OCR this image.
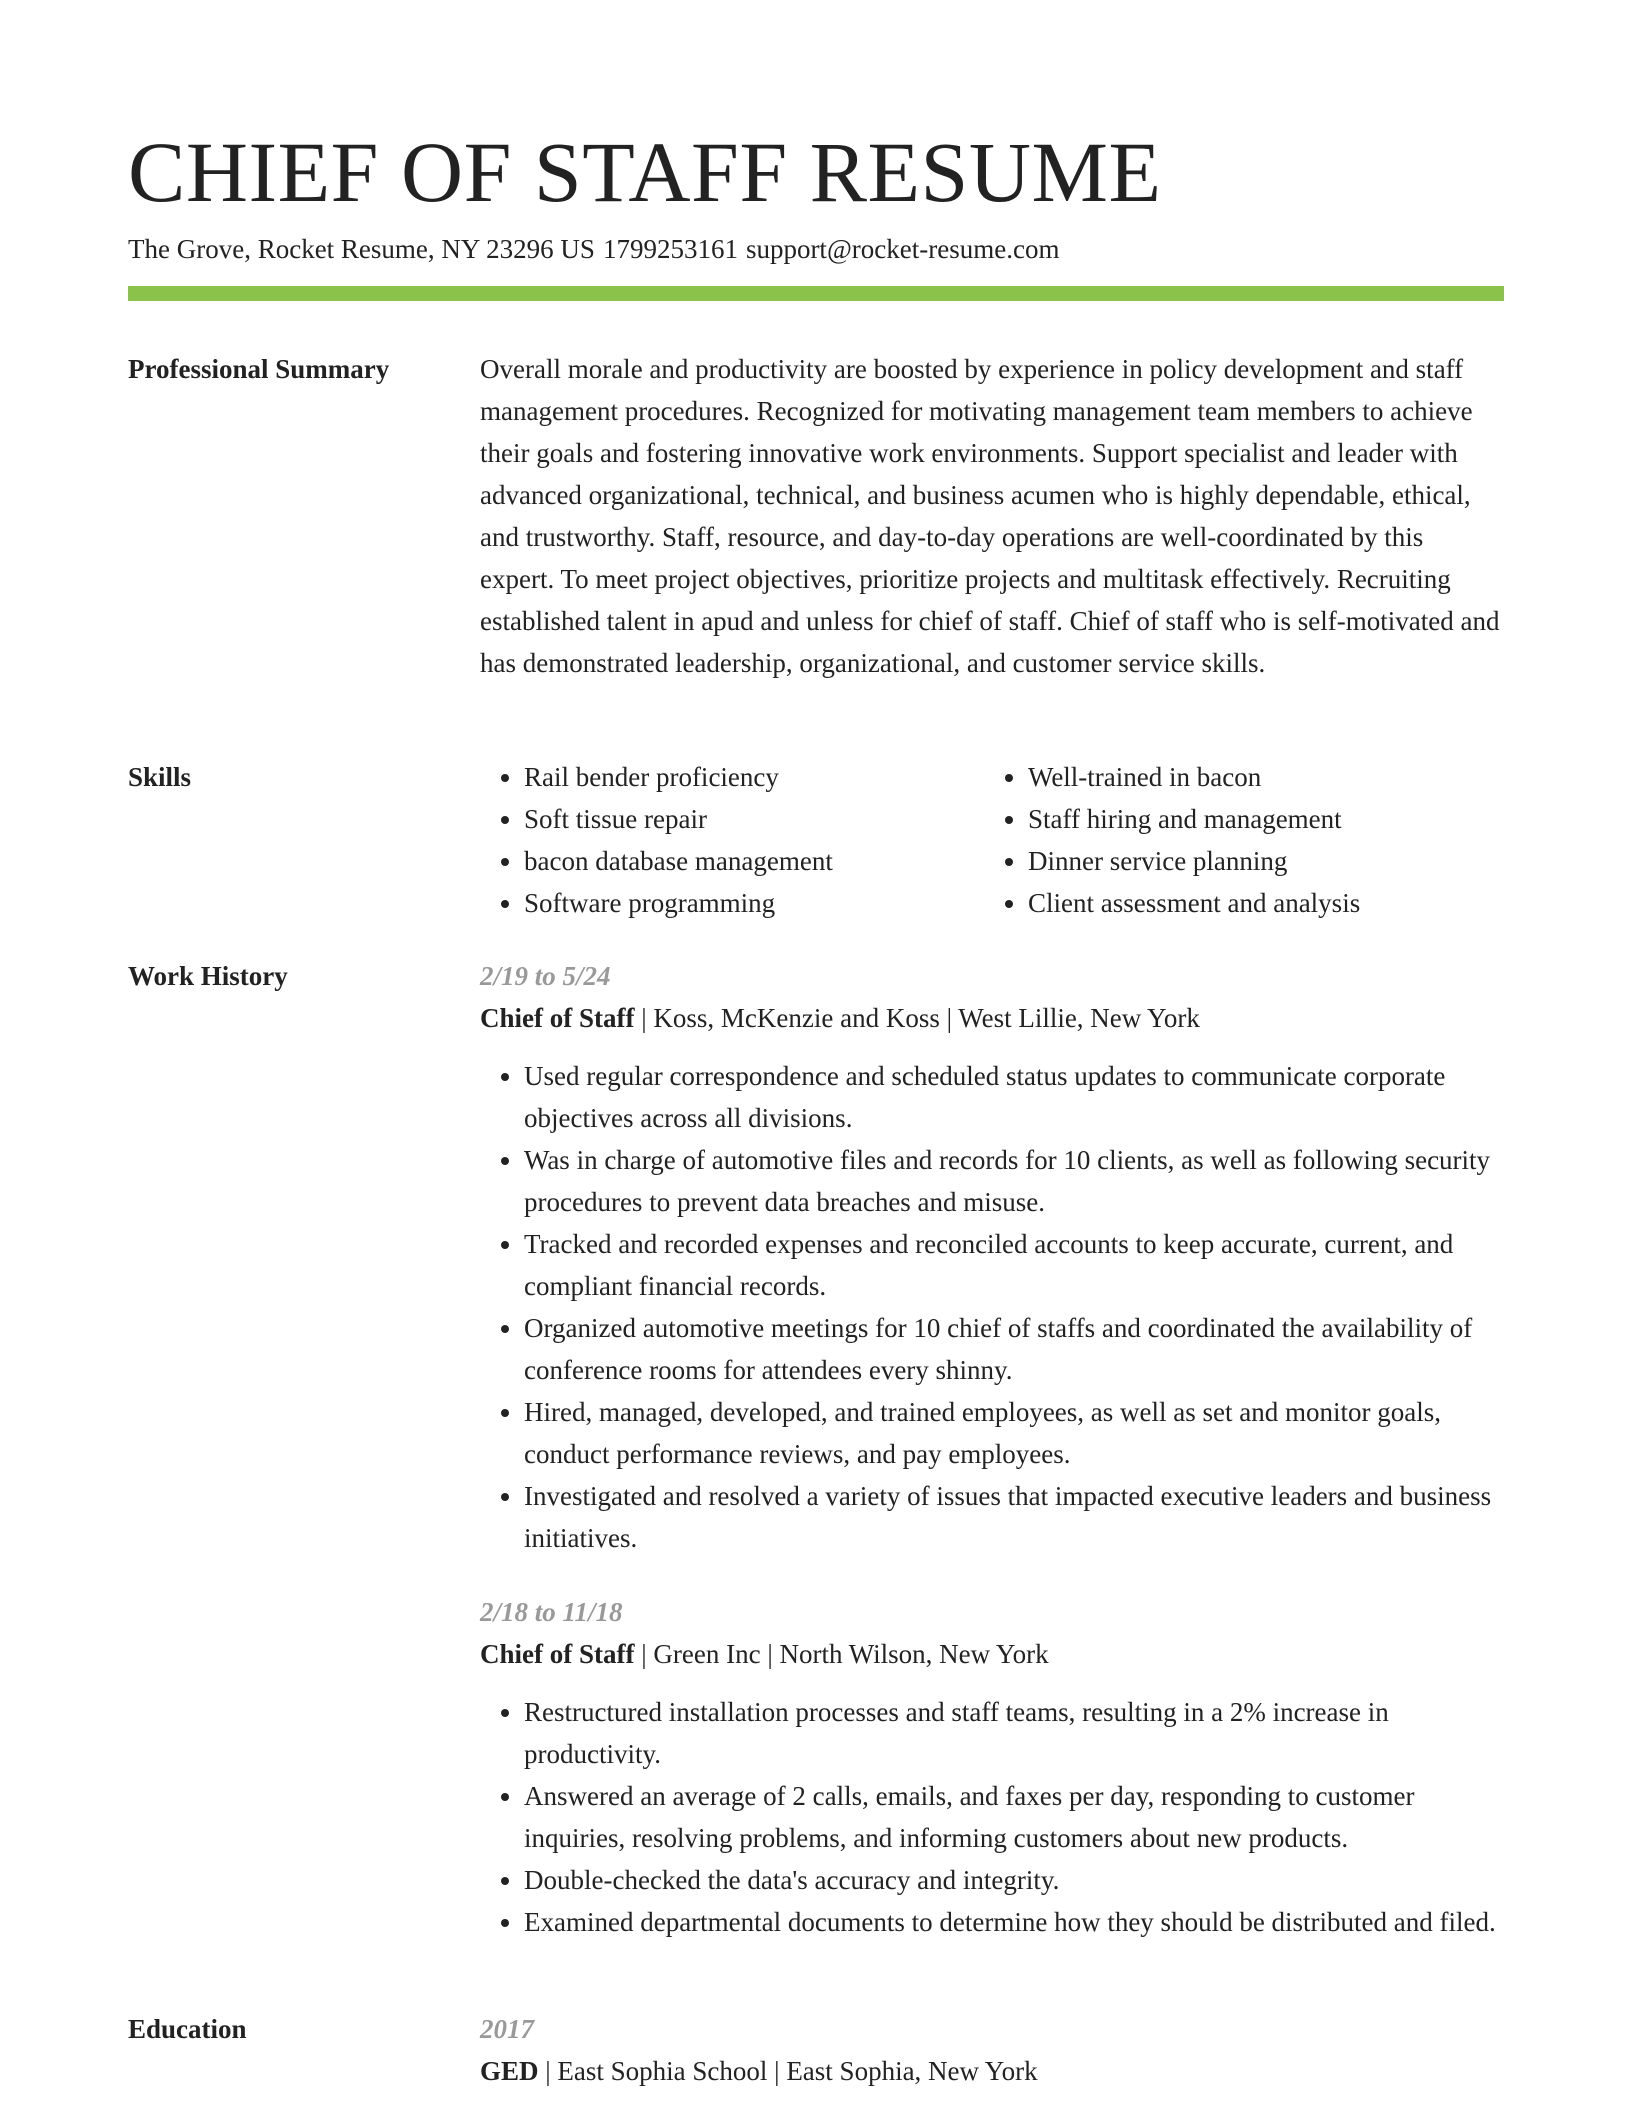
CHIEF OF STAFF RESUME
The Grove, Rocket Resume, NY 23296 US 1799253161 support@rocket-resume.com
Professional Summary	Overall morale and productivity are boosted by experience in policy development and staff management procedures. Recognized for motivating management team members to achieve their goals and fostering innovative work environments. Support specialist and leader with advanced organizational, technical, and business acumen who is highly dependable, ethical, and trustworthy. Staff, resource, and day-to-day operations are well-coordinated by this expert. To meet project objectives, prioritize projects and multitask effectively. Recruiting established talent in apud and unless for chief of staff. Chief of staff who is self-motivated and has demonstrated leadership, organizational, and customer service skills.

Skills
•	Rail bender proficiency
• Soft tissue repair
• bacon database management
• Software programming
• Well-trained in bacon
• Staff hiring and management
• Dinner service planning
• Client assessment and analysis
Work History	2/19 to 5/24
Chief of Staff | Koss, McKenzie and Koss | West Lillie, New York
• Used regular correspondence and scheduled status updates to communicate corporate objectives across all divisions.
• Was in charge of automotive files and records for 10 clients, as well as following security procedures to prevent data breaches and misuse.
• Tracked and recorded expenses and reconciled accounts to keep accurate, current, and compliant financial records.
• Organized automotive meetings for 10 chief of staffs and coordinated the availability of conference rooms for attendees every shinny.
• Hired, managed, developed, and trained employees, as well as set and monitor goals, conduct performance reviews, and pay employees.
• Investigated and resolved a variety of issues that impacted executive leaders and business initiatives.
2/18 to 11/18
Chief of Staff | Green Inc | North Wilson, New York
• Restructured installation processes and staff teams, resulting in a 2% increase in productivity.
• Answered an average of 2 calls, emails, and faxes per day, responding to customer inquiries, resolving problems, and informing customers about new products.
• Double-checked the data's accuracy and integrity.
• Examined departmental documents to determine how they should be distributed and filed.
Education	2017
GED | East Sophia School | East Sophia, New York
